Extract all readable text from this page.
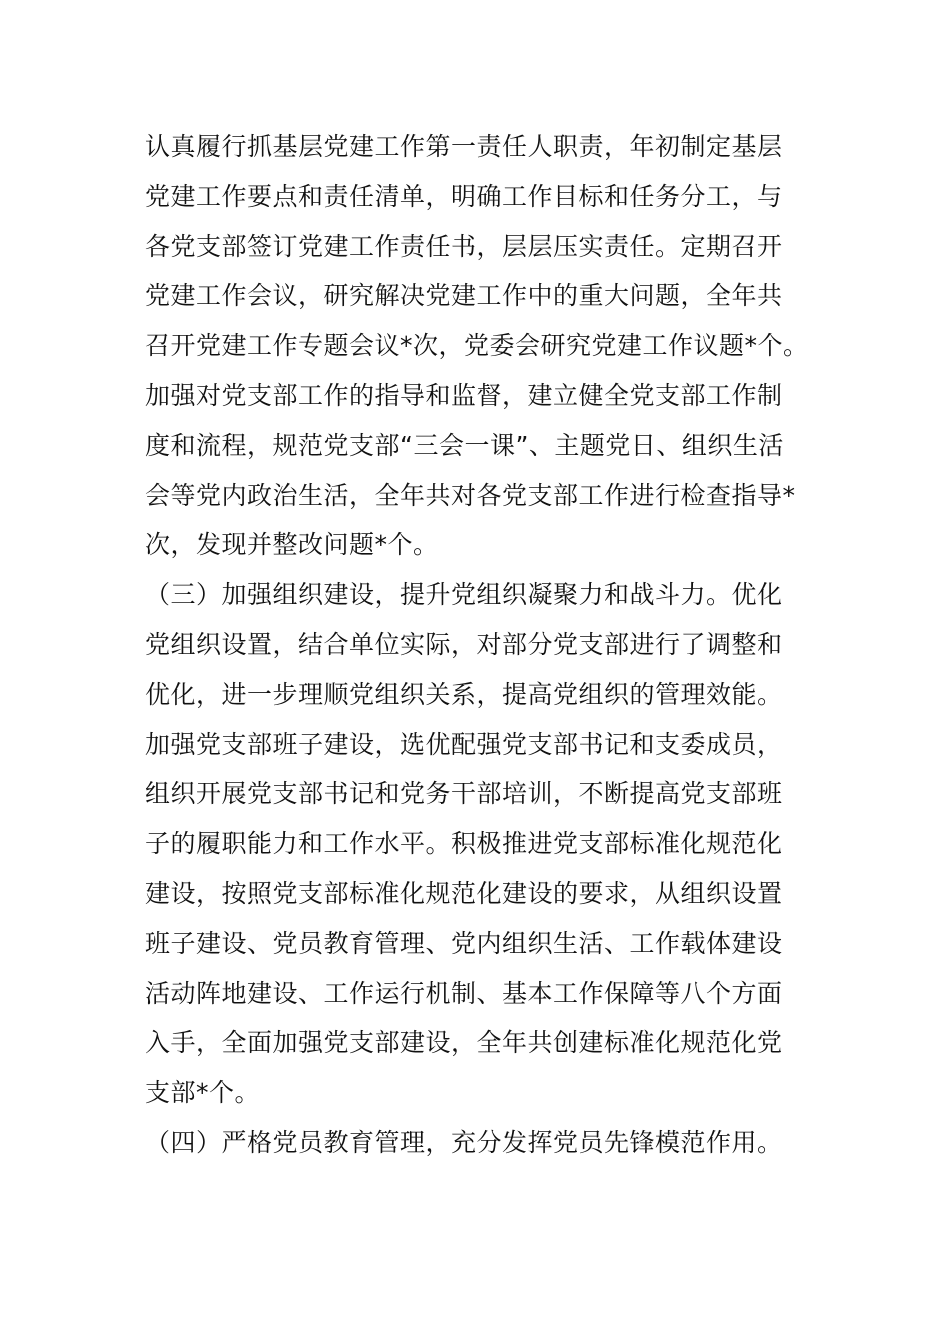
认真履行抓基层党建工作第一责任人职责，年初制定基层
党建工作要点和责任清单，明确工作目标和任务分工，与
各党支部签订党建工作责任书，层层压实责任。定期召开
党建工作会议，研究解决党建工作中的重大问题，全年共
召开党建工作专题会议*次，党委会研究党建工作议题*个。
加强对党支部工作的指导和监督，建立健全党支部工作制
度和流程，规范党支部“三会一课”、主题党日、组织生活
会等党内政治生活，全年共对各党支部工作进行检查指导*
次，发现并整改问题*个。
（三）加强组织建设，提升党组织凝聚力和战斗力。优化
党组织设置，结合单位实际，对部分党支部进行了调整和
优化，进一步理顺党组织关系，提高党组织的管理效能。
加强党支部班子建设，选优配强党支部书记和支委成员，
组织开展党支部书记和党务干部培训，不断提高党支部班
子的履职能力和工作水平。积极推进党支部标准化规范化
建设，按照党支部标准化规范化建设的要求，从组织设置
班子建设、党员教育管理、党内组织生活、工作载体建设
活动阵地建设、工作运行机制、基本工作保障等八个方面
入手，全面加强党支部建设，全年共创建标准化规范化党
支部*个。
（四）严格党员教育管理，充分发挥党员先锋模范作用。
